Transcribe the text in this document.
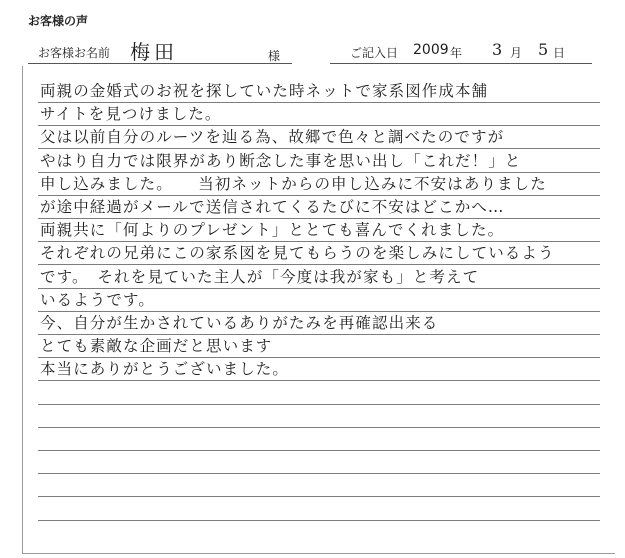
お客様の声
お客様お名前 梅田	様	ご記入日 2009 年 3 月 5 日
両親の金婚式のお祝を探していた時ネットで家系図作成本舗
サイトを見つけました。
父は以前自分のルーツを辿る為、故郷で色々と調べたのですが
やはり自力では限界があり断念した事を思い出し「これだ！」と
申し込みました。　　当初ネットからの申し込みに不安はありました
が途中経過がメールで送信されてくるたびに不安はどこかへ…
両親共に「何よりのプレゼント」ととても喜んでくれました。
それぞれの兄弟にこの家系図を見てもらうのを楽しみにしているよう
です。　それを見ていた主人が「今度は我が家も」と考えて
いるようです。
今、自分が生かされているありがたみを再確認出来る
とても素敵な企画だと思います
本当にありがとうございました。
